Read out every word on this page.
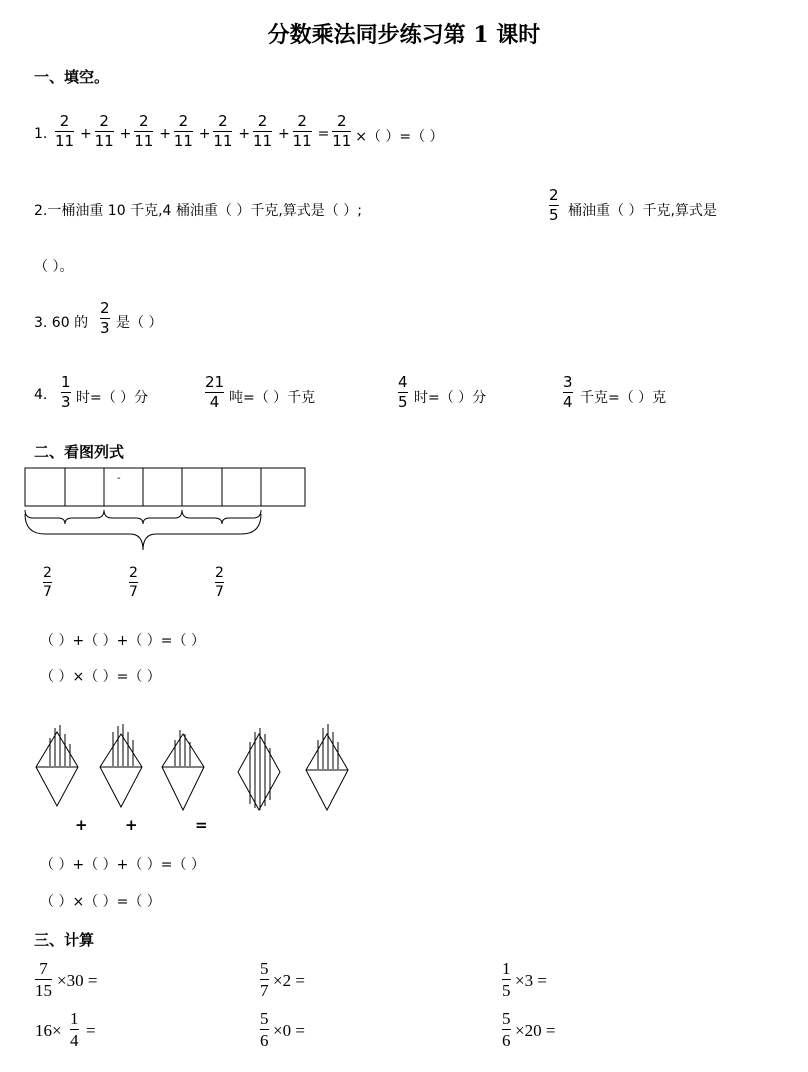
分数乘法同步练习第 1 课时
一、填空。
1.
2
11 +
2
11 +
2
11 +
2
11 +
2
11 +
2
11 +
2
11 =
2
11 ×（ ）=（ ）
2.一桶油重 10 千克,4 桶油重（ ）千克,算式是（ ）;
2
5 桶油重（ ）千克,算式是
（ ）。
3. 60 的
2
3 是（ ）
4.
1
3 时=（ ）分
21
4 吨=（ ）千克
4
5 时=（ ）分
3
4 千克=（ ）克
二、看图列式
-
2
7
2
7
2
7
（ ）+（ ）+（ ）=（ ）
（ ）×（ ）=（ ）
+ +	=
（ ）+（ ）+（ ）=（ ）
（ ）×（ ）=（ ）
三、计算
7
15
×30 =
5
7
×2 =
1
5
×3 =
16×
1
4
=
5
6
×0 =
5
6
×20 =
